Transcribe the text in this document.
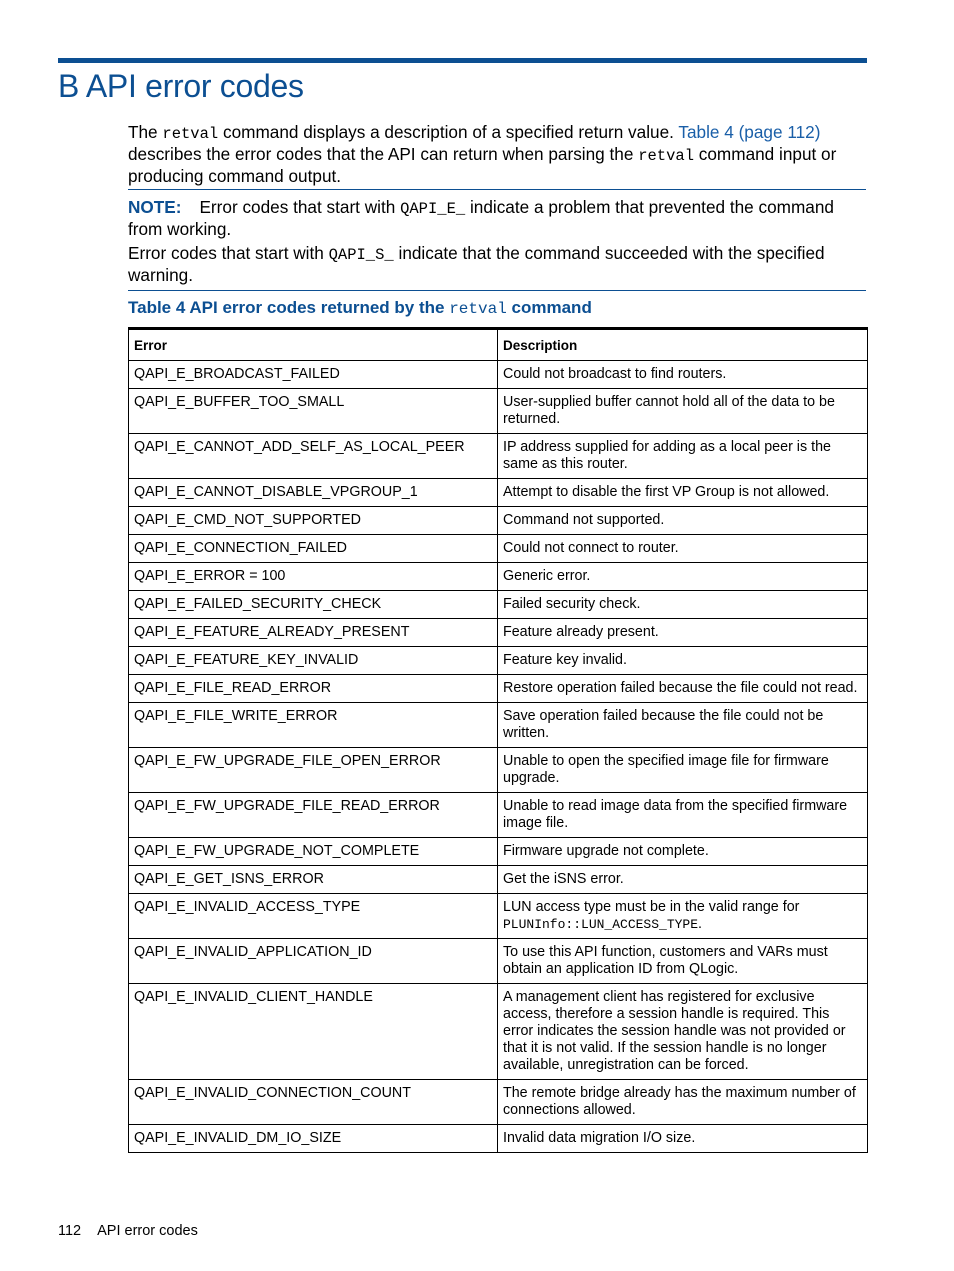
B API error codes

The retval command displays a description of a specified return value. Table 4 (page 112) describes the error codes that the API can return when parsing the retval command input or producing command output.

NOTE: Error codes that start with QAPI_E_ indicate a problem that prevented the command from working.

Error codes that start with QAPI_S_ indicate that the command succeeded with the specified warning.

Table 4 API error codes returned by the retval command

Error	Description
QAPI_E_BROADCAST_FAILED	Could not broadcast to find routers.
QAPI_E_BUFFER_TOO_SMALL	User-supplied buffer cannot hold all of the data to be returned.
QAPI_E_CANNOT_ADD_SELF_AS_LOCAL_PEER	IP address supplied for adding as a local peer is the same as this router.
QAPI_E_CANNOT_DISABLE_VPGROUP_1	Attempt to disable the first VP Group is not allowed.
QAPI_E_CMD_NOT_SUPPORTED	Command not supported.
QAPI_E_CONNECTION_FAILED	Could not connect to router.
QAPI_E_ERROR = 100	Generic error.
QAPI_E_FAILED_SECURITY_CHECK	Failed security check.
QAPI_E_FEATURE_ALREADY_PRESENT	Feature already present.
QAPI_E_FEATURE_KEY_INVALID	Feature key invalid.
QAPI_E_FILE_READ_ERROR	Restore operation failed because the file could not read.
QAPI_E_FILE_WRITE_ERROR	Save operation failed because the file could not be written.
QAPI_E_FW_UPGRADE_FILE_OPEN_ERROR	Unable to open the specified image file for firmware upgrade.
QAPI_E_FW_UPGRADE_FILE_READ_ERROR	Unable to read image data from the specified firmware image file.
QAPI_E_FW_UPGRADE_NOT_COMPLETE	Firmware upgrade not complete.
QAPI_E_GET_ISNS_ERROR	Get the iSNS error.
QAPI_E_INVALID_ACCESS_TYPE	LUN access type must be in the valid range for PLUNInfo::LUN_ACCESS_TYPE.
QAPI_E_INVALID_APPLICATION_ID	To use this API function, customers and VARs must obtain an application ID from QLogic.
QAPI_E_INVALID_CLIENT_HANDLE	A management client has registered for exclusive access, therefore a session handle is required. This error indicates the session handle was not provided or that it is not valid. If the session handle is no longer available, unregistration can be forced.
QAPI_E_INVALID_CONNECTION_COUNT	The remote bridge already has the maximum number of connections allowed.
QAPI_E_INVALID_DM_IO_SIZE	Invalid data migration I/O size.
112 API error codes
